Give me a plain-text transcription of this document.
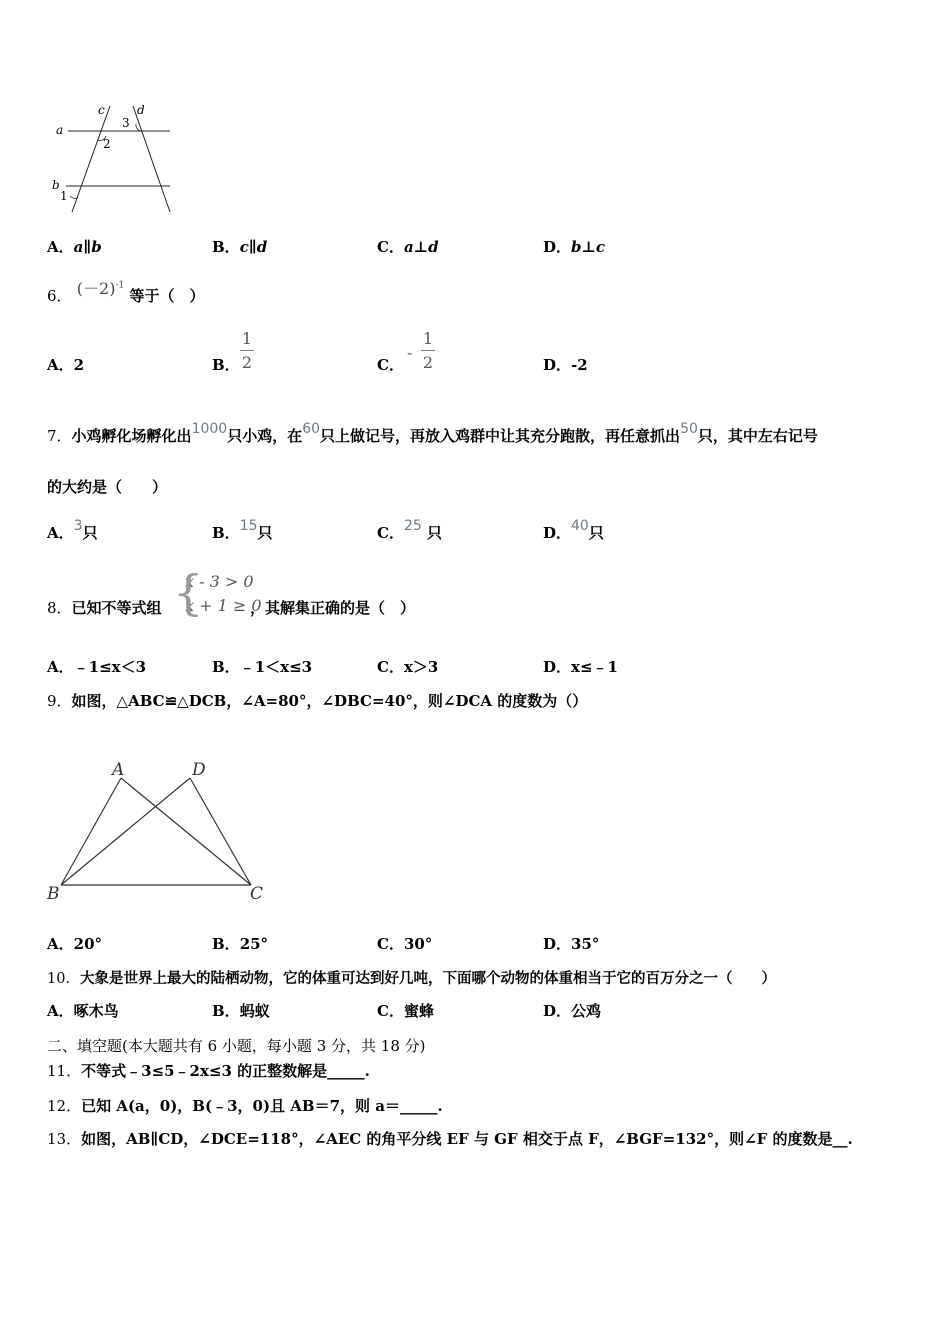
c	d
3
a
2
b
1
A．a∥b	B．c∥d	C．a⊥d	D．b⊥c
6． $(-2)^{-1}$ 等于（　）
A．2	B．
1
2	C．
-
1
2	D．-2
7．小鸡孵化场孵化出1000只小鸡，在60只上做记号，再放入鸡群中让其充分跑散，再任意抓出50只，其中左右记号
的大约是（　　）
A．3只	B．15只	C．25 只	D．40只
8．已知不等式组 {
x - 3 > 0
x + 1 ≥ 0
，其解集正确的是（　）
A．﹣1≤x＜3	B．﹣1＜x≤3	C．x＞3	D．x≤﹣1
9．如图，△ABC≌△DCB，∠A=80°，∠DBC=40°，则∠DCA 的度数为（）
A	D
B	C
A．20°	B．25°	C．30°	D．35°
10．大象是世界上最大的陆栖动物，它的体重可达到好几吨，下面哪个动物的体重相当于它的百万分之一（　　）
A．啄木鸟	B．蚂蚁	C．蜜蜂	D．公鸡
二、填空题(本大题共有 6 小题，每小题 3 分，共 18 分)
11．不等式﹣3≤5﹣2x≤3 的正整数解是_____.
12．已知 A(a，0)，B(﹣3，0)且 AB＝7，则 a＝_____.
13．如图，AB∥CD，∠DCE=118°，∠AEC 的角平分线 EF 与 GF 相交于点 F，∠BGF=132°，则∠F 的度数是__.
